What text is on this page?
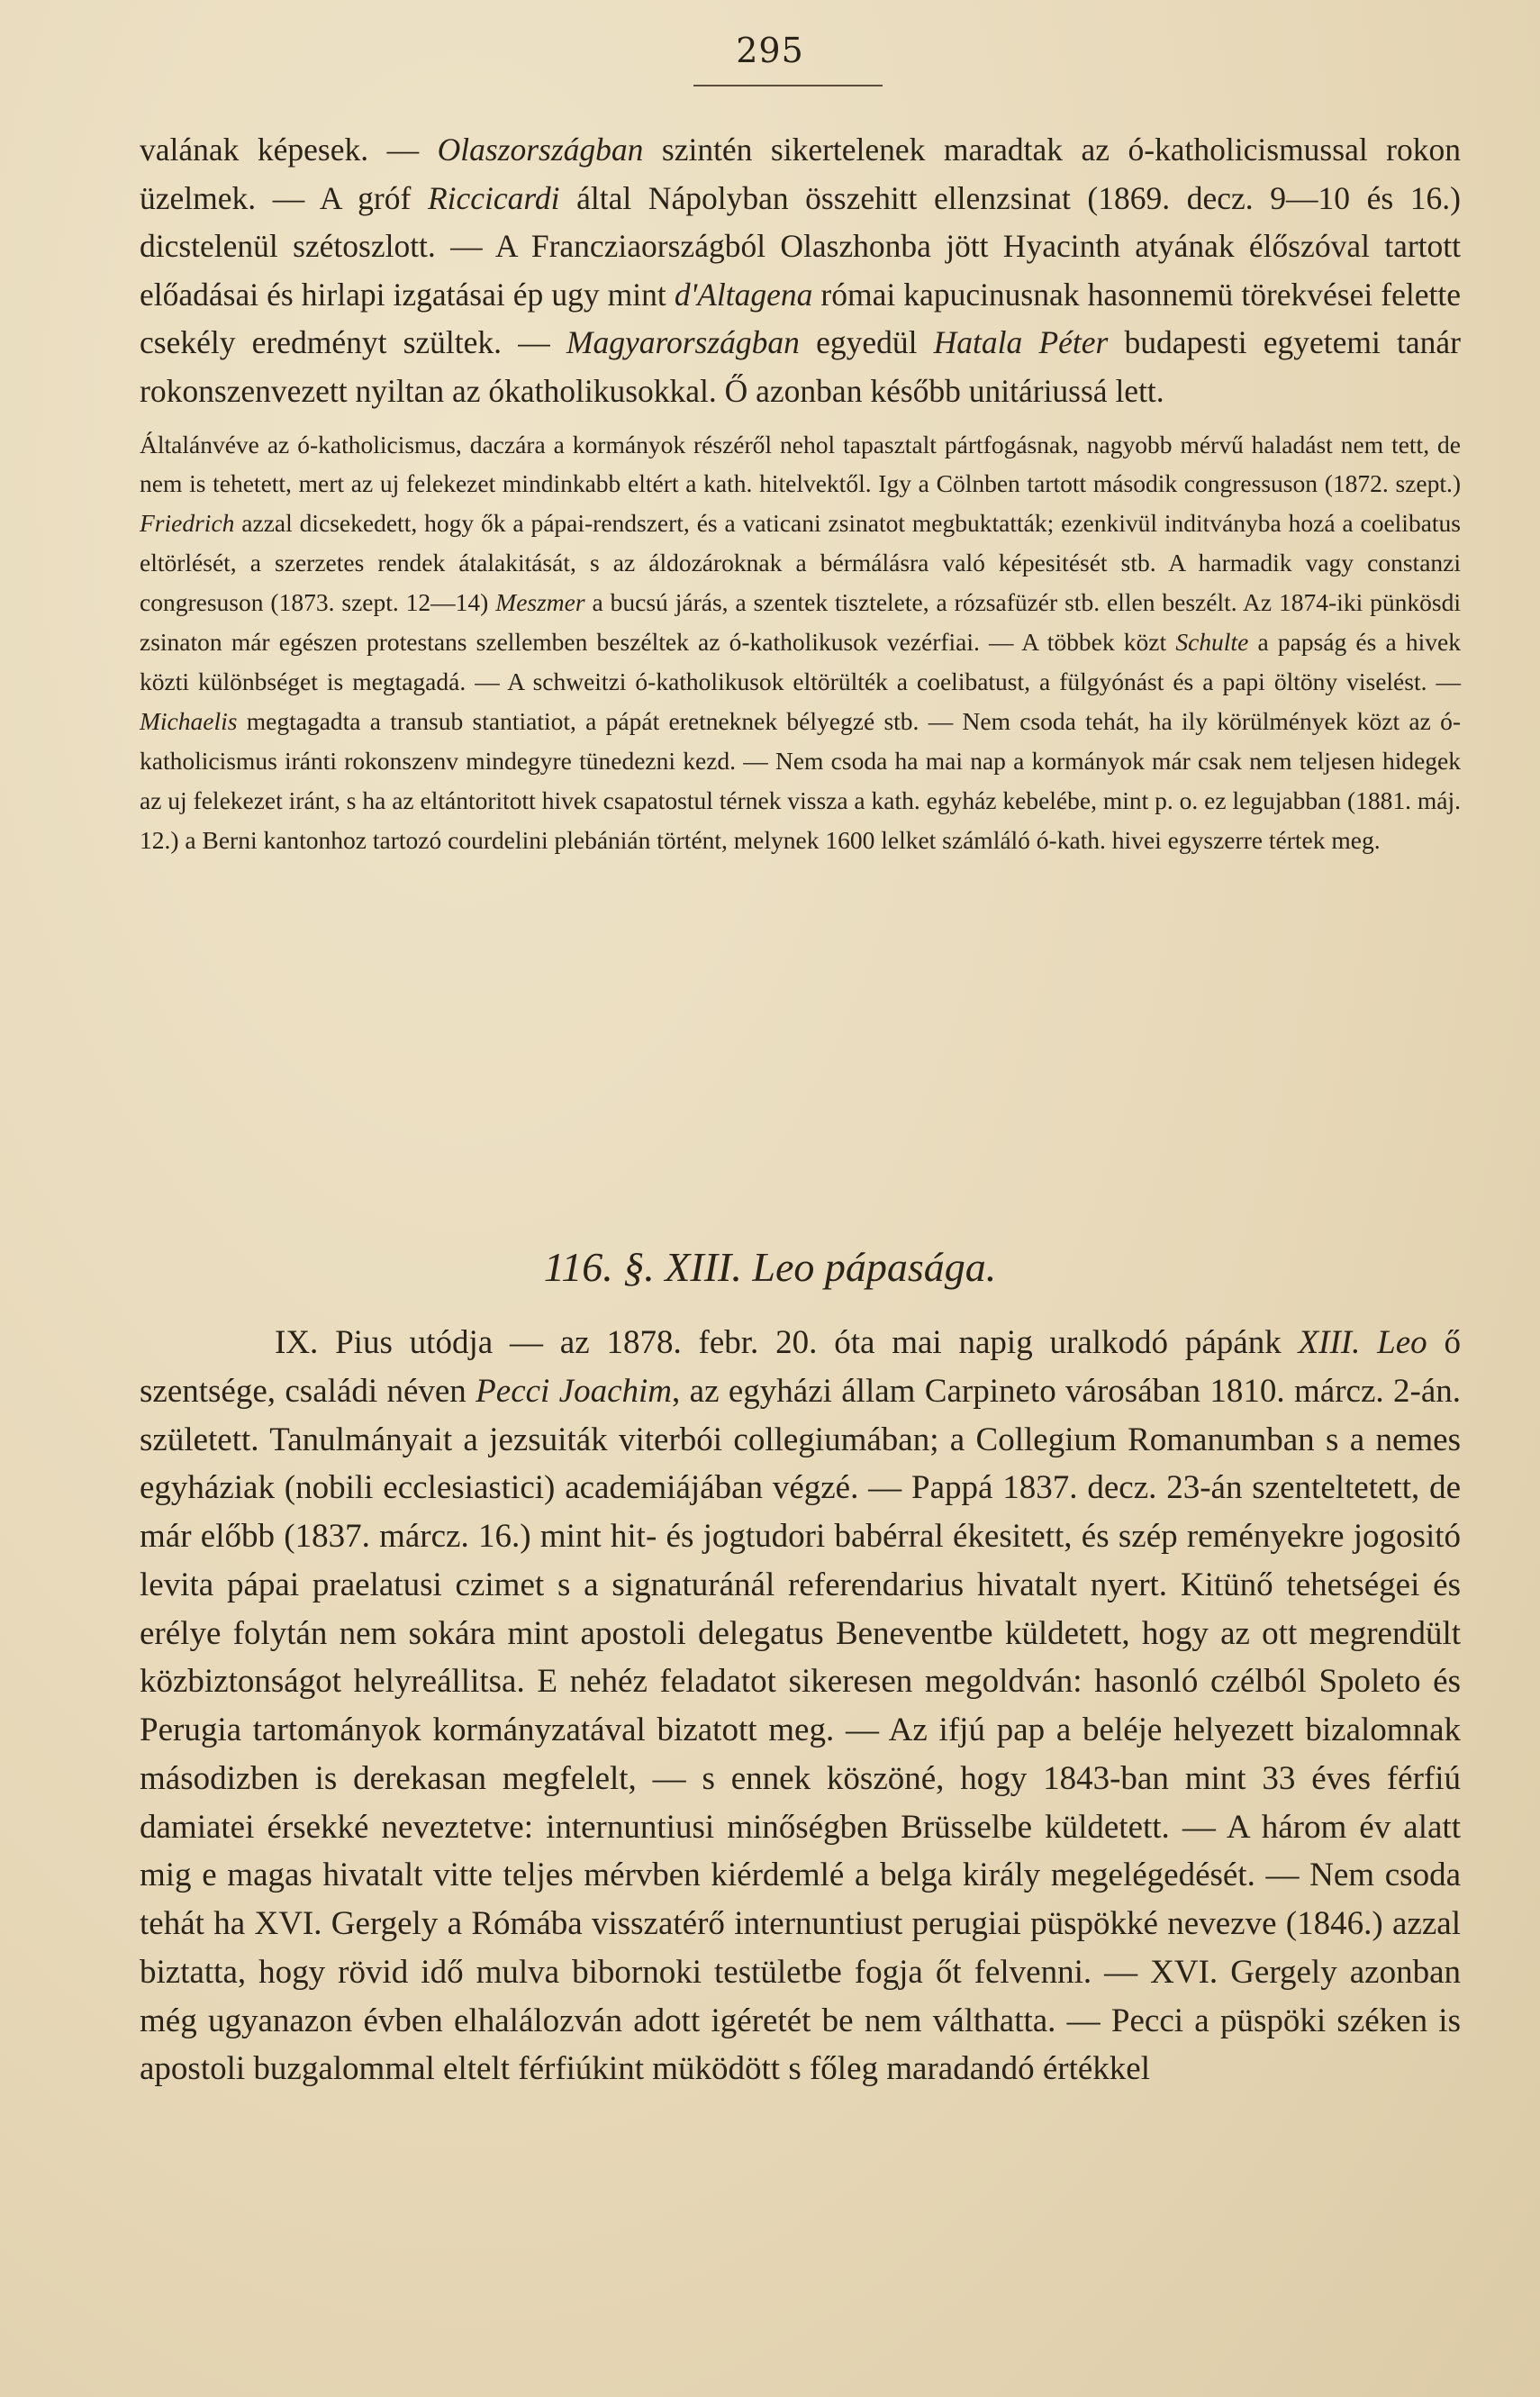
295

valának képesek. — Olaszországban szintén sikertelenek maradtak az ó-katholicismussal rokon üzelmek. — A gróf Riccicardi által Nápolyban összehitt ellenzsinat (1869. decz. 9—10 és 16.) dicstelenül szétoszlott. — A Francziaországból Olaszhonba jött Hyacinth atyának élőszóval tartott előadásai és hirlapi izgatásai ép ugy mint d'Altagena római kapucinusnak hasonnemü törekvései felette csekély eredményt szültek. — Magyarországban egyedül Hatala Péter budapesti egyetemi tanár rokonszenvezett nyiltan az ókatholikusokkal. Ő azonban később unitáriussá lett.

Általánvéve az ó-katholicismus, daczára a kormányok részéről nehol tapasztalt pártfogásnak, nagyobb mérvű haladást nem tett, de nem is tehetett, mert az uj felekezet mindinkabb eltért a kath. hitelvektől. Igy a Cölnben tartott második congressuson (1872. szept.) Friedrich azzal dicsekedett, hogy ők a pápai-rendszert, és a vaticani zsinatot megbuktatták; ezenkivül inditványba hozá a coelibatus eltörlését, a szerzetes rendek átalakitását, s az áldozároknak a bérmálásra való képesitését stb. A harmadik vagy constanzi congresuson (1873. szept. 12—14) Meszmer a bucsú járás, a szentek tisztelete, a rózsafüzér stb. ellen beszélt. Az 1874-iki pünkösdi zsinaton már egészen protestans szellemben beszéltek az ó-katholikusok vezérfiai. — A többek közt Schulte a papság és a hivek közti különbséget is megtagadá. — A schweitzi ó-katholikusok eltörülték a coelibatust, a fülgyónást és a papi öltöny viselést. — Michaelis megtagadta a transub stantiatiot, a pápát eretneknek bélyegzé stb. — Nem csoda tehát, ha ily körülmények közt az ó-katholicismus iránti rokonszenv mindegyre tünedezni kezd. — Nem csoda ha mai nap a kormányok már csak nem teljesen hidegek az uj felekezet iránt, s ha az eltántoritott hivek csapatostul térnek vissza a kath. egyház kebelébe, mint p. o. ez legujabban (1881. máj. 12.) a Berni kantonhoz tartozó courdelini plebánián történt, melynek 1600 lelket számláló ó-kath. hivei egyszerre tértek meg.

116. §. XIII. Leo pápasága.

IX. Pius utódja — az 1878. febr. 20. óta mai napig uralkodó pápánk XIII. Leo ő szentsége, családi néven Pecci Joachim, az egyházi állam Carpineto városában 1810. márcz. 2-án. született. Tanulmányait a jezsuiták viterbói collegiumában; a Collegium Romanumban s a nemes egyháziak (nobili ecclesiastici) academiájában végzé. — Pappá 1837. decz. 23-án szenteltetett, de már előbb (1837. márcz. 16.) mint hit- és jogtudori babérral ékesitett, és szép reményekre jogositó levita pápai praelatusi czimet s a signaturánál referendarius hivatalt nyert. Kitünő tehetségei és erélye folytán nem sokára mint apostoli delegatus Beneventbe küldetett, hogy az ott megrendült közbiztonságot helyreállitsa. E nehéz feladatot sikeresen megoldván: hasonló czélból Spoleto és Perugia tartományok kormányzatával bizatott meg. — Az ifjú pap a beléje helyezett bizalomnak másodizben is derekasan megfelelt, — s ennek köszöné, hogy 1843-ban mint 33 éves férfiú damiatei érsekké neveztetve: internuntiusi minőségben Brüsselbe küldetett. — A három év alatt mig e magas hivatalt vitte teljes mérvben kiérdemlé a belga király megelégedését. — Nem csoda tehát ha XVI. Gergely a Rómába visszatérő internuntiust perugiai püspökké nevezve (1846.) azzal biztatta, hogy rövid idő mulva bibornoki testületbe fogja őt felvenni. — XVI. Gergely azonban még ugyanazon évben elhalálozván adott igéretét be nem válthatta. — Pecci a püspöki széken is apostoli buzgalommal eltelt férfiúkint müködött s főleg maradandó értékkel
